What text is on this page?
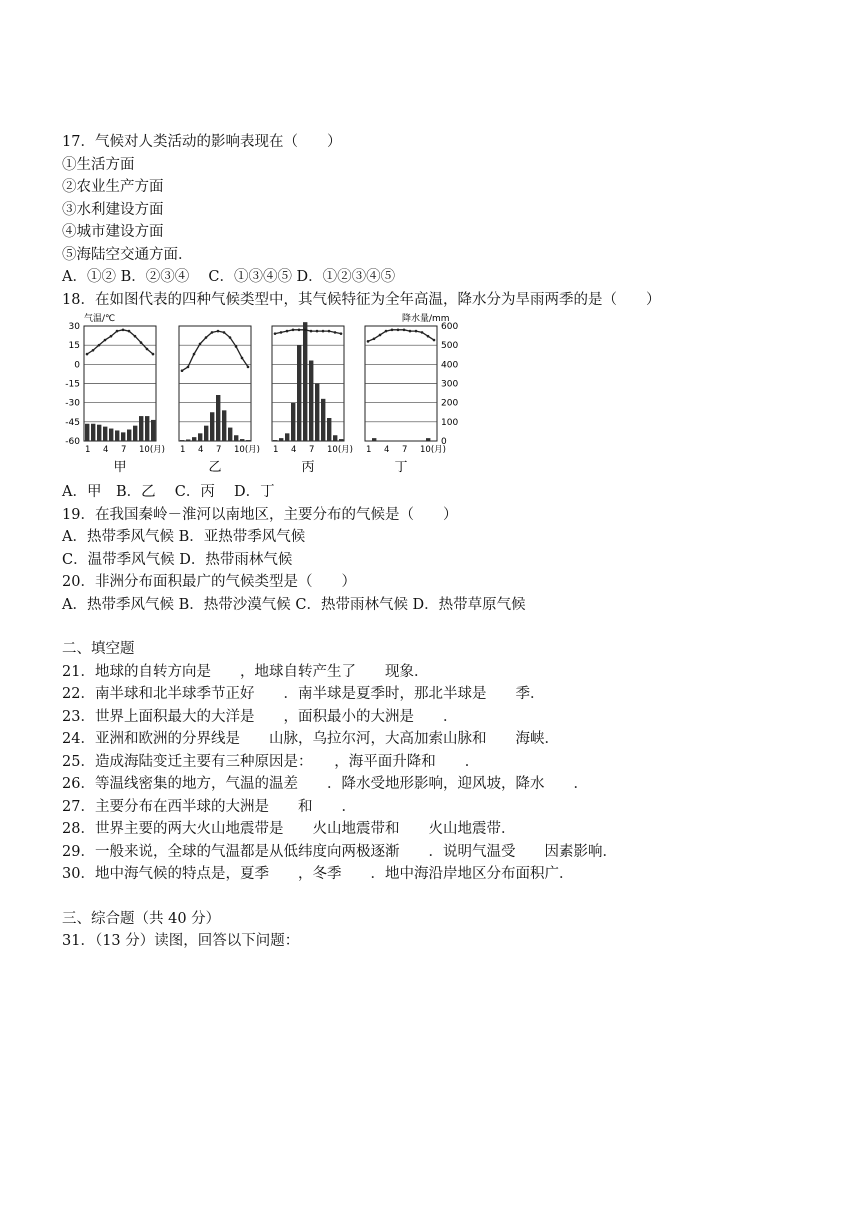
17．气候对人类活动的影响表现在（　　）
①生活方面
②农业生产方面
③水利建设方面
④城市建设方面
⑤海陆空交通方面．
A．①② B．②③④　 C．①③④⑤ D．①②③④⑤
18．在如图代表的四种气候类型中，其气候特征为全年高温，降水分为旱雨两季的是（　　）
气温/℃
30
15
0
-15
-30
-45
-60
降水量/mm
600
500
400
300
200
100
0
1 4 7 10(月)
甲
1 4 7 10(月)
乙
1 4 7 10(月)
丙
1 4 7 10(月)
丁
A．甲　B．乙　 C．丙　 D．丁
19．在我国秦岭－淮河以南地区，主要分布的气候是（　　）
A．热带季风气候 B．亚热带季风气候
C．温带季风气候 D．热带雨林气候
20．非洲分布面积最广的气候类型是（　　）
A．热带季风气候 B．热带沙漠气候 C．热带雨林气候 D．热带草原气候
二、填空题
21．地球的自转方向是　　，地球自转产生了　　现象．
22．南半球和北半球季节正好　　．南半球是夏季时，那北半球是　　季．
23．世界上面积最大的大洋是　　，面积最小的大洲是　　．
24．亚洲和欧洲的分界线是　　山脉，乌拉尔河，大高加索山脉和　　海峡．
25．造成海陆变迁主要有三种原因是：　　，海平面升降和　　．
26．等温线密集的地方，气温的温差　　．降水受地形影响，迎风坡，降水　　．
27．主要分布在西半球的大洲是　　和　　．
28．世界主要的两大火山地震带是　　火山地震带和　　火山地震带．
29．一般来说，全球的气温都是从低纬度向两极逐渐　　．说明气温受　　因素影响．
30．地中海气候的特点是，夏季　　，冬季　　．地中海沿岸地区分布面积广．
三、综合题（共 40 分）
31．（13 分）读图，回答以下问题：
